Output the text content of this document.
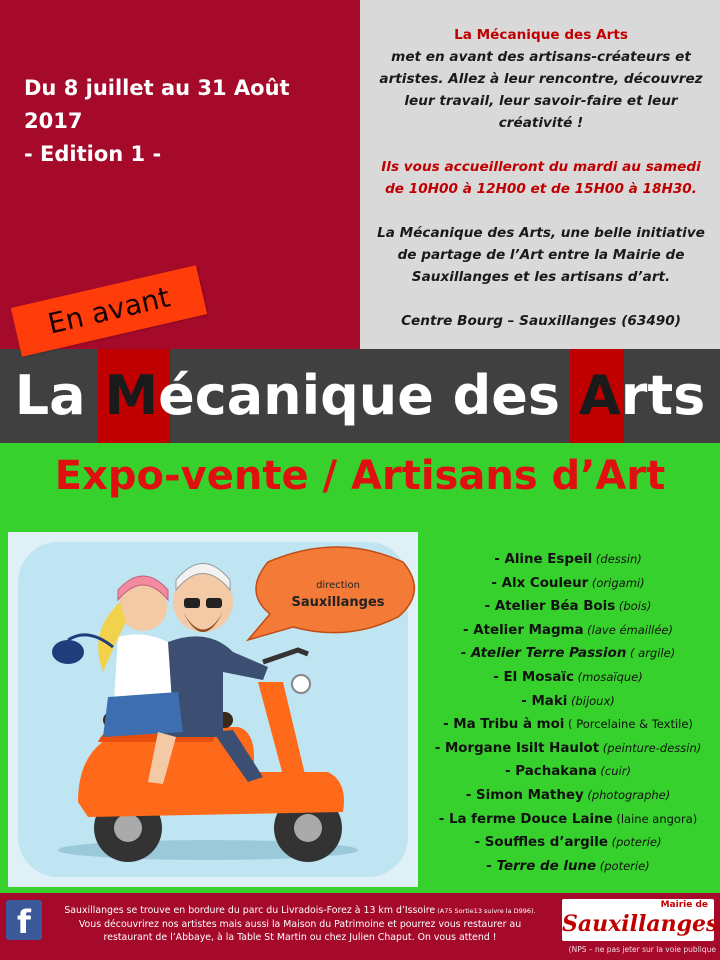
Du 8 juillet au 31 Août
2017
- Edition 1 -
La Mécanique des Arts
met en avant des artisans-créateurs et
artistes. Allez à leur rencontre, découvrez
leur travail, leur savoir-faire et leur
créativité !
Ils vous accueilleront du mardi au samedi
de 10H00 à 12H00 et de 15H00 à 18H30.
La Mécanique des Arts, une belle initiative
de partage de l’Art entre la Mairie de
Sauxillanges et les artisans d’art.
Centre Bourg – Sauxillanges (63490)
En avant
La Mécanique des Arts
Expo-vente / Artisans d’Art
direction
Sauxillanges
- Aline Espeil (dessin)
- Alx Couleur (origami)
- Atelier Béa Bois (bois)
- Atelier Magma (lave émaillée)
- Atelier Terre Passion ( argile)
- El Mosaïc (mosaïque)
- Maki (bijoux)
- Ma Tribu à moi ( Porcelaine & Textile)
- Morgane Isilt Haulot (peinture-dessin)
- Pachakana (cuir)
- Simon Mathey (photographe)
- La ferme Douce Laine (laine angora)
- Souffles d’argile (poterie)
- Terre de lune (poterie)
f	Sauxillanges se trouve en bordure du parc du Livradois-Forez à 13 km d’Issoire (A75 Sortie13 suivre la D996).
Vous découvrirez nos artistes mais aussi la Maison du Patrimoine et pourrez vous restaurer au
restaurant de l’Abbaye, à la Table St Martin ou chez Julien Chaput. On vous attend !
Mairie de
Sauxillanges
(NPS – ne pas jeter sur la voie publique
